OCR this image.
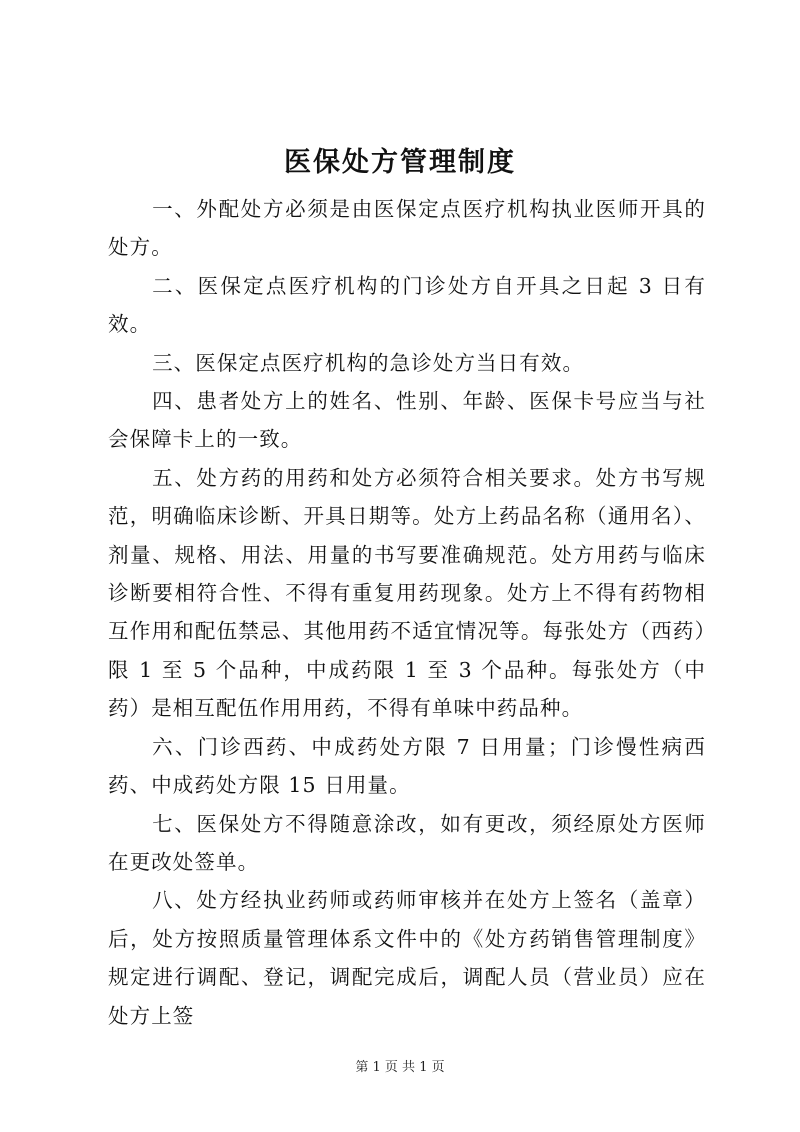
医保处方管理制度

一、外配处方必须是由医保定点医疗机构执业医师开具的处方。

二、医保定点医疗机构的门诊处方自开具之日起 3 日有效。

三、医保定点医疗机构的急诊处方当日有效。

四、患者处方上的姓名、性别、年龄、医保卡号应当与社会保障卡上的一致。

五、处方药的用药和处方必须符合相关要求。处方书写规范，明确临床诊断、开具日期等。处方上药品名称（通用名）、剂量、规格、用法、用量的书写要准确规范。处方用药与临床诊断要相符合性、不得有重复用药现象。处方上不得有药物相互作用和配伍禁忌、其他用药不适宜情况等。每张处方（西药）限 1 至 5 个品种，中成药限 1 至 3 个品种。每张处方（中药）是相互配伍作用用药，不得有单味中药品种。

六、门诊西药、中成药处方限 7 日用量；门诊慢性病西药、中成药处方限 15 日用量。

七、医保处方不得随意涂改，如有更改，须经原处方医师在更改处签单。

八、处方经执业药师或药师审核并在处方上签名（盖章）后，处方按照质量管理体系文件中的《处方药销售管理制度》规定进行调配、登记，调配完成后，调配人员（营业员）应在处方上签

第 1 页 共 1 页
